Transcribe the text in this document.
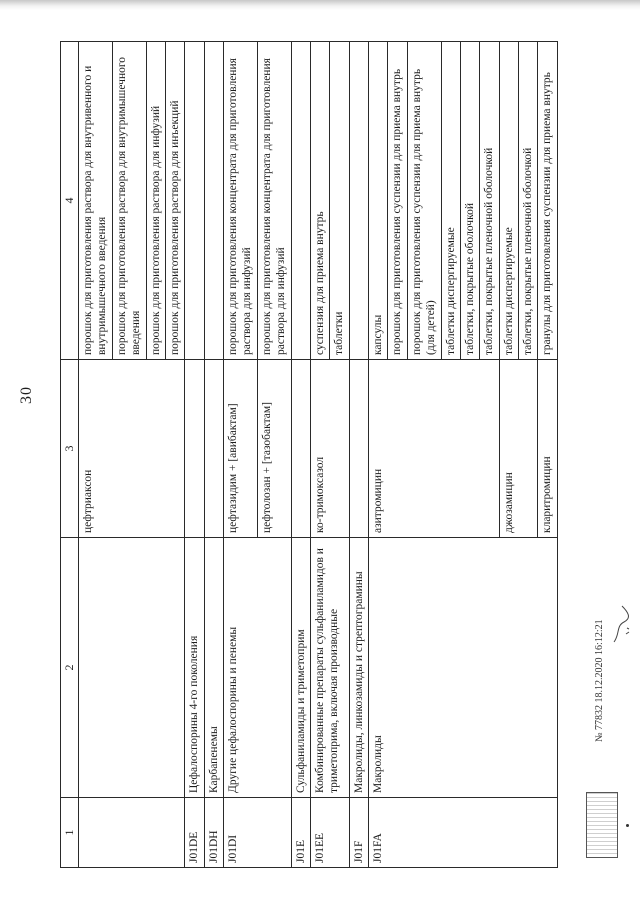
30
1	2	3	4
		цефтриаксон	порошок для приготовления раствора для внутривенного и внутримышечного введения
			порошок для приготовления раствора для внутримышечного введения
			порошок для приготовления раствора для инфузий
			порошок для приготовления раствора для инъекций
J01DE	Цефалоспорины 4-го поколения		
J01DH	Карбапенемы		
J01DI	Другие цефалоспорины и пенемы	цефтазидим + [авибактам]	порошок для приготовления концентрата для приготовления раствора для инфузий
		цефтолозан + [тазобактам]	порошок для приготовления концентрата для приготовления раствора для инфузий
J01E	Сульфаниламиды и триметоприм		
J01EE	Комбинированные препараты сульфаниламидов и триметоприма, включая производные	ко-тримоксазол	суспензия для приема внутрь
			таблетки
J01F	Макролиды, линкозамиды и стрептограмины		
J01FA	Макролиды	азитромицин	капсулы
			порошок для приготовления суспензии для приема внутрь
			порошок для приготовления суспензии для приема внутрь (для детей)
			таблетки диспергируемые
			таблетки, покрытые оболочкой
			таблетки, покрытые пленочной оболочкой
		джозамицин	таблетки диспергируемые
			таблетки, покрытые пленочной оболочкой
		кларитромицин	гранулы для приготовления суспензии для приема внутрь
№ 77832 18.12.2020 16:12:21
